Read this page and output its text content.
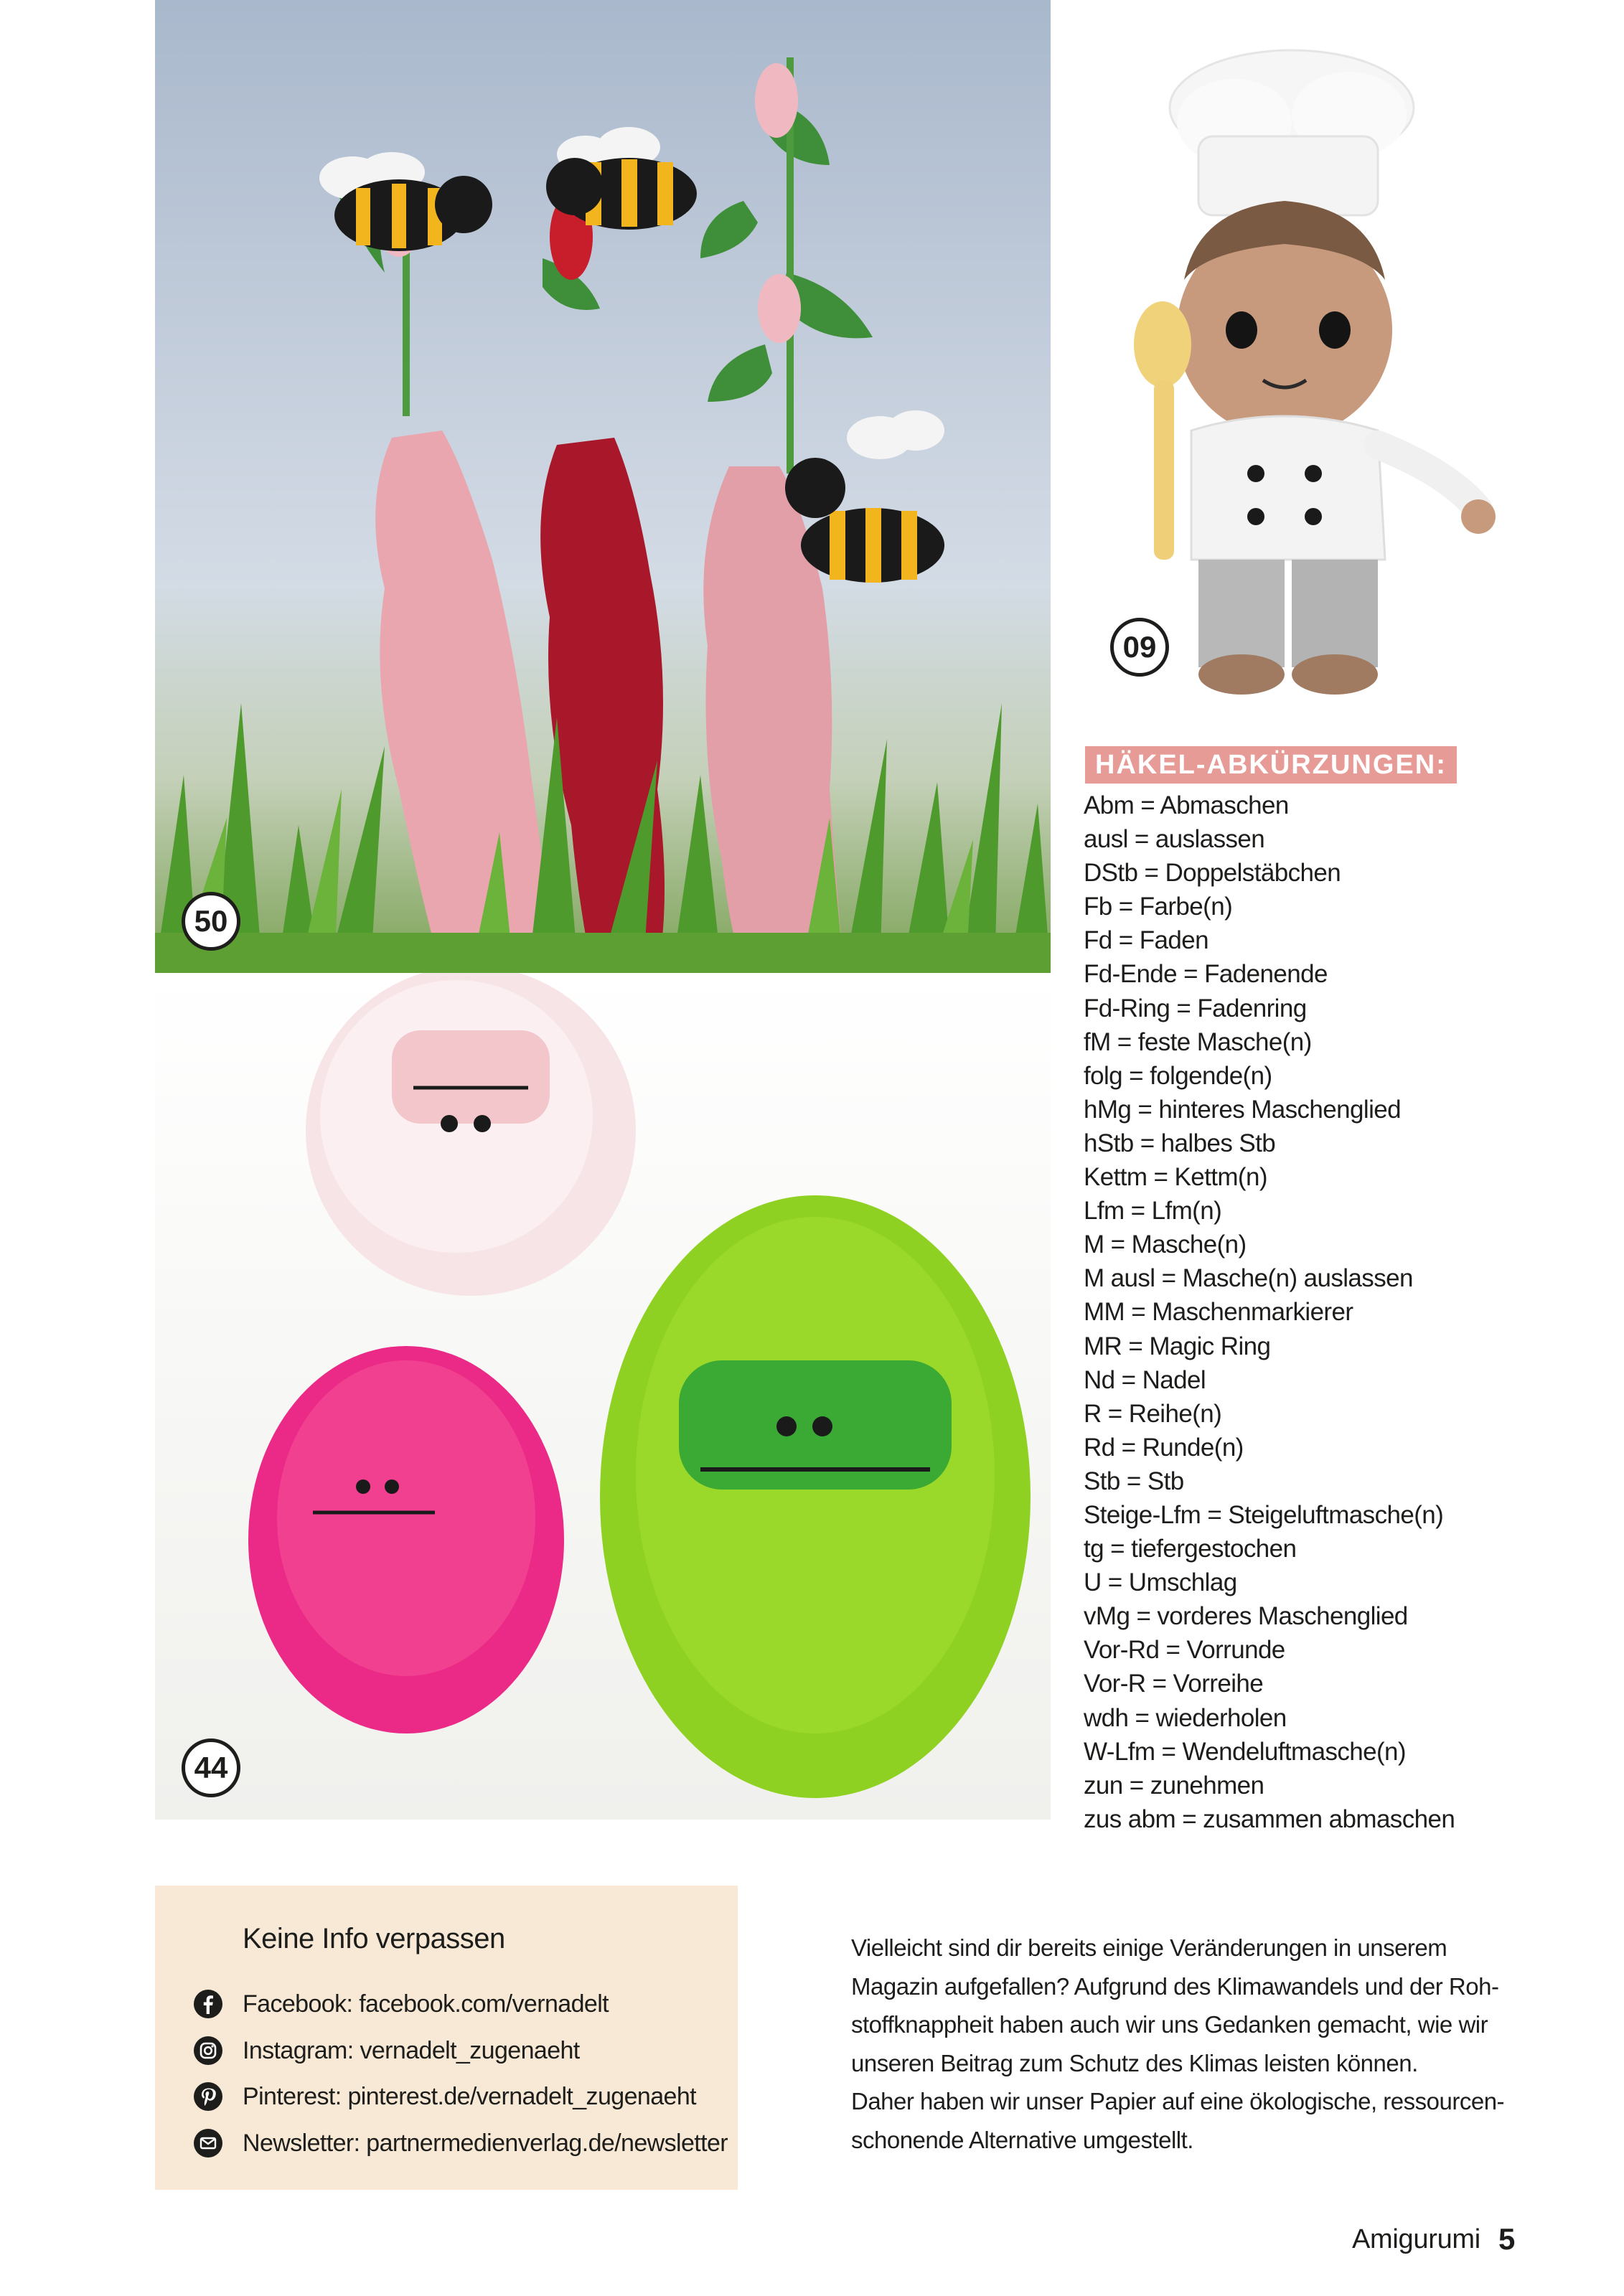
50
09
44
HÄKEL-ABKÜRZUNGEN:
Abm = Abmaschen
ausl = auslassen
DStb = Doppelstäbchen
Fb = Farbe(n)
Fd = Faden
Fd-Ende = Fadenende
Fd-Ring = Fadenring
fM = feste Masche(n)
folg = folgende(n)
hMg = hinteres Maschenglied
hStb = halbes Stb
Kettm = Kettm(n)
Lfm = Lfm(n)
M = Masche(n)
M ausl = Masche(n) auslassen
MM = Maschenmarkierer
MR = Magic Ring
Nd = Nadel
R = Reihe(n)
Rd = Runde(n)
Stb = Stb
Steige-Lfm = Steigeluftmasche(n)
tg = tiefergestochen
U = Umschlag
vMg = vorderes Maschenglied
Vor-Rd = Vorrunde
Vor-R = Vorreihe
wdh = wiederholen
W-Lfm = Wendeluftmasche(n)
zun = zunehmen
zus abm = zusammen abmaschen
Keine Info verpassen
Facebook: facebook.com/vernadelt
Instagram: vernadelt_zugenaeht
Pinterest: pinterest.de/vernadelt_zugenaeht
Newsletter: partnermedienverlag.de/newsletter

Vielleicht sind dir bereits einige Veränderungen in unserem

Magazin aufgefallen? Aufgrund des Klimawandels und der Roh-

stoffknappheit haben auch wir uns Gedanken gemacht, wie wir

unseren Beitrag zum Schutz des Klimas leisten können.

Daher haben wir unser Papier auf eine ökologische, ressourcen-

schonende Alternative umgestellt.

Amigurumi 5
